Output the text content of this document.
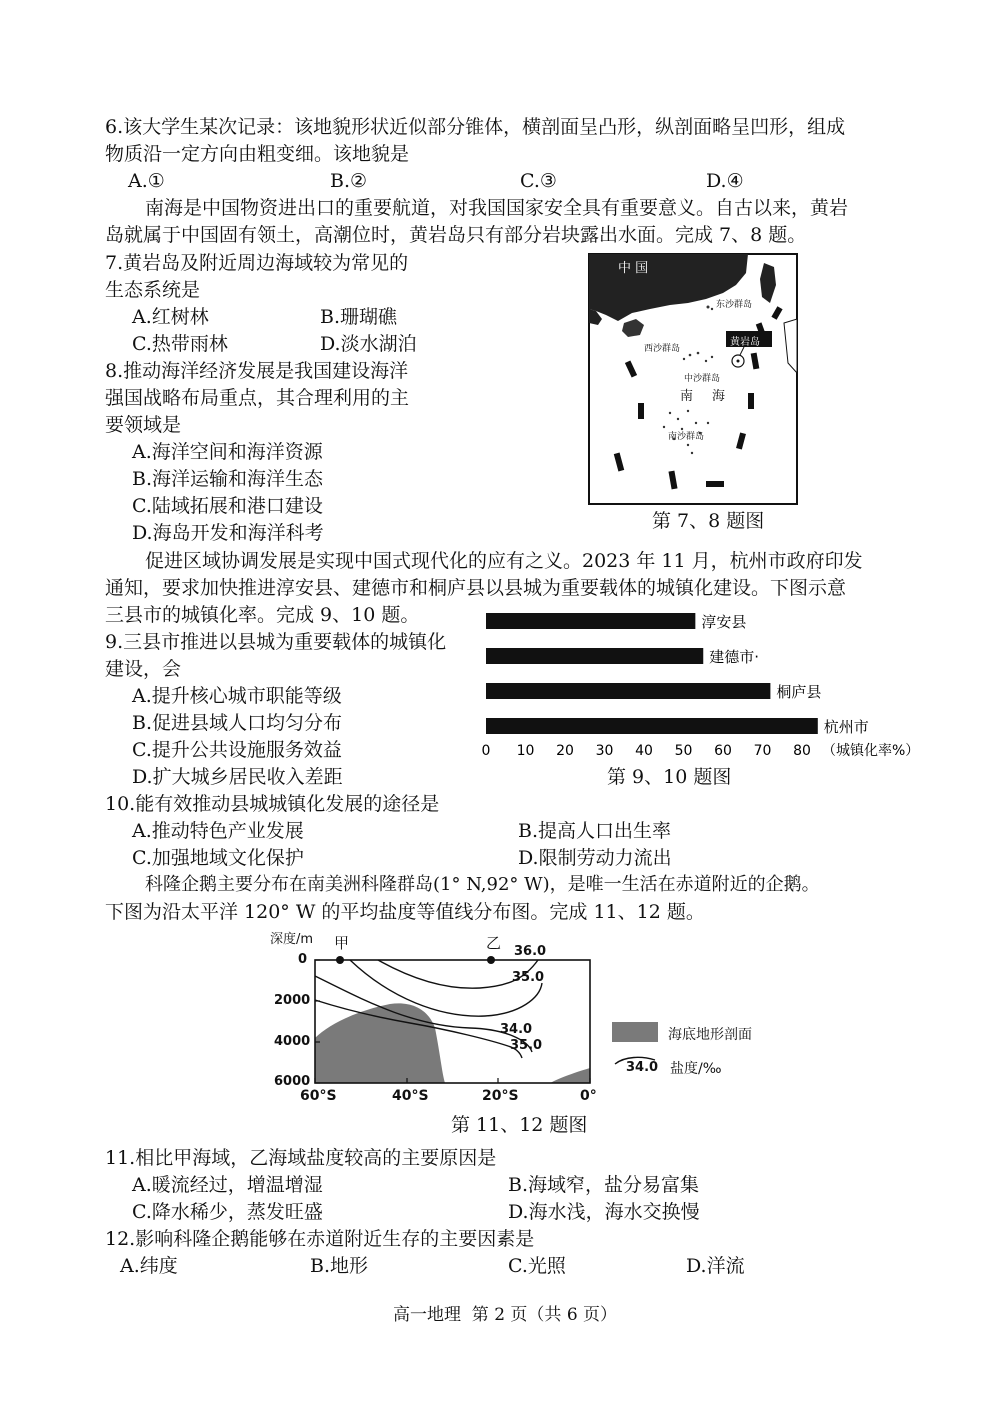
6.该大学生某次记录：该地貌形状近似部分锥体，横剖面呈凸形，纵剖面略呈凹形，组成
物质沿一定方向由粗变细。该地貌是
A.①	B.②	C.③	D.④
南海是中国物资进出口的重要航道，对我国国家安全具有重要意义。自古以来，黄岩
岛就属于中国固有领土，高潮位时，黄岩岛只有部分岩块露出水面。完成 7、8 题。
7.黄岩岛及附近周边海域较为常见的
生态系统是
A.红树林	B.珊瑚礁
C.热带雨林	D.淡水湖泊
8.推动海洋经济发展是我国建设海洋
强国战略布局重点，其合理利用的主
要领域是
A.海洋空间和海洋资源
B.海洋运输和海洋生态
C.陆域拓展和港口建设
D.海岛开发和海洋科考
中 国
东沙群岛
西沙群岛
黄岩岛
中沙群岛
南 海
南沙群岛
第 7、8 题图
促进区域协调发展是实现中国式现代化的应有之义。2023 年 11 月，杭州市政府印发
通知，要求加快推进淳安县、建德市和桐庐县以县城为重要载体的城镇化建设。下图示意
三县市的城镇化率。完成 9、10 题。
9.三县市推进以县城为重要载体的城镇化
建设，会
A.提升核心城市职能等级
B.促进县域人口均匀分布
C.提升公共设施服务效益
D.扩大城乡居民收入差距
淳安县
建德市·
桐庐县
杭州市
0 10 20 30 40 50 60 70 80 （城镇化率%）
第 9、10 题图
10.能有效推动县城城镇化发展的途径是
A.推动特色产业发展	B.提高人口出生率
C.加强地域文化保护	D.限制劳动力流出
科隆企鹅主要分布在南美洲科隆群岛(1° N,92° W)，是唯一生活在赤道附近的企鹅。
下图为沿太平洋 120° W 的平均盐度等值线分布图。完成 11、12 题。
深度/m 甲	乙
0
2000
4000
6000
60°S	40°S	20°S	0°
36.0
35.0
34.0
35.0
海底地形剖面
34.0 盐度/‰
第 11、12 题图
11.相比甲海域，乙海域盐度较高的主要原因是
A.暖流经过，增温增湿	B.海域窄，盐分易富集
C.降水稀少，蒸发旺盛	D.海水浅，海水交换慢
12.影响科隆企鹅能够在赤道附近生存的主要因素是
A.纬度	B.地形	C.光照	D.洋流
高一地理  第 2 页（共 6 页）
